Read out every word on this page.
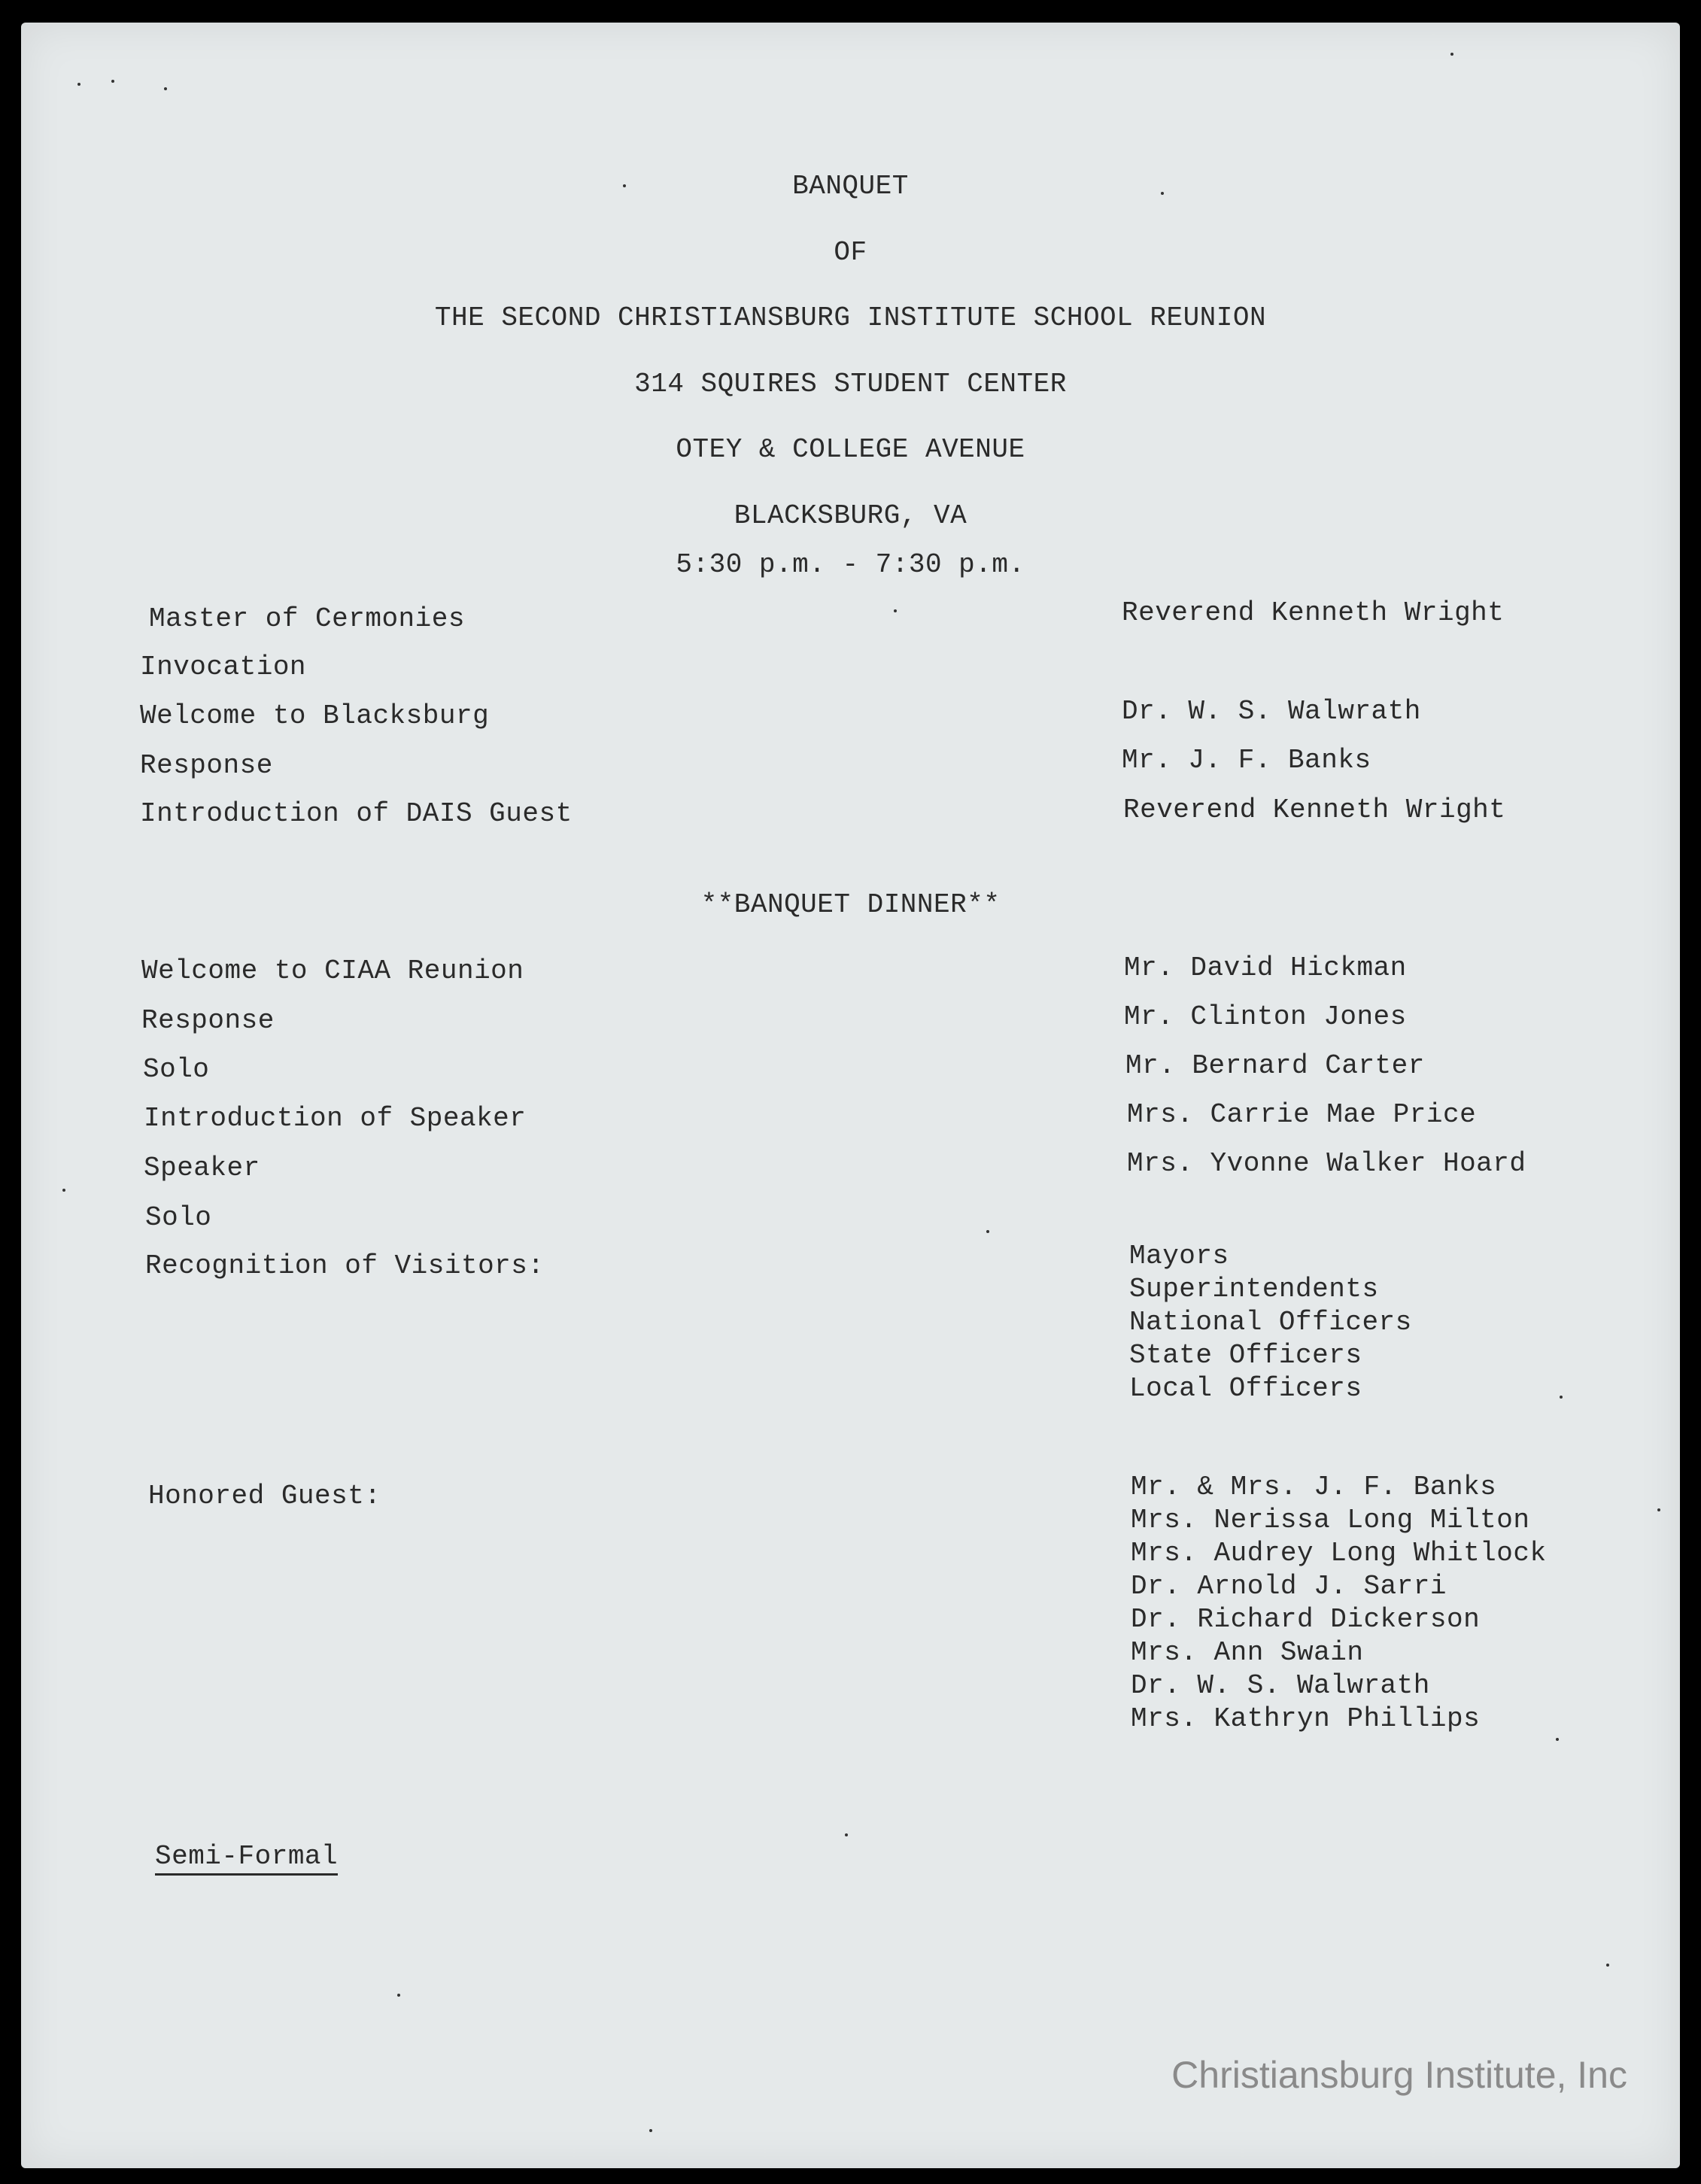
BANQUET
OF
THE SECOND CHRISTIANSBURG INSTITUTE SCHOOL REUNION
314 SQUIRES STUDENT CENTER
OTEY & COLLEGE AVENUE
BLACKSBURG, VA
5:30 p.m. - 7:30 p.m.
Master of Cermonies	Reverend Kenneth Wright
Invocation
Welcome to Blacksburg	Dr. W. S. Walwrath
Response	Mr. J. F. Banks
Introduction of DAIS Guest	Reverend Kenneth Wright
**BANQUET DINNER**
Welcome to CIAA Reunion	Mr. David Hickman
Response	Mr. Clinton Jones
Solo	Mr. Bernard Carter
Introduction of Speaker	Mrs. Carrie Mae Price
Speaker	Mrs. Yvonne Walker Hoard
Solo
Recognition of Visitors:	Mayors
Superintendents
National Officers
State Officers
Local Officers
Honored Guest:	Mr. & Mrs. J. F. Banks
Mrs. Nerissa Long Milton
Mrs. Audrey Long Whitlock
Dr. Arnold J. Sarri
Dr. Richard Dickerson
Mrs. Ann Swain
Dr. W. S. Walwrath
Mrs. Kathryn Phillips
Semi-Formal
Christiansburg Institute, Inc
